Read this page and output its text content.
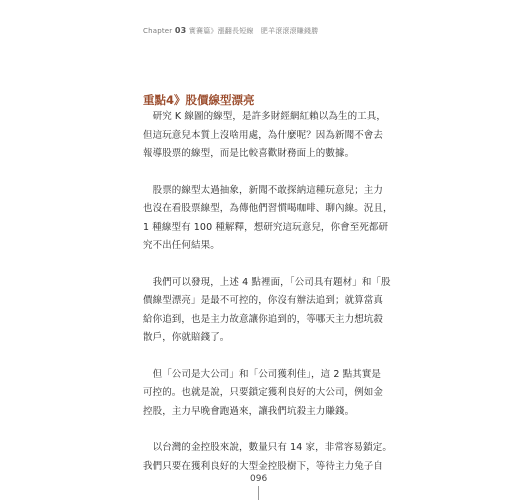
Chapter 03 實賽篇》漲翻長短線　肥羊滾滾滾賺錢勝
重點4》股價線型漂亮
　研究 K 線圖的線型，是許多財經網紅賴以為生的工具，
但這玩意兒本質上沒啥用處，為什麼呢？因為新聞不會去
報導股票的線型，而是比較喜歡財務面上的數據。
　股票的線型太過抽象，新聞不敢探納這種玩意兒；主力
也沒在看股票線型，為傳他們習慣喝咖啡、聊內線。況且，
1 種線型有 100 種解釋，想研究這玩意兒，你會至死都研
究不出任何結果。
　我們可以發現，上述 4 點裡面，「公司具有題材」和「股
價線型漂亮」是最不可控的，你沒有辦法追到；就算當真
給你追到，也是主力故意讓你追到的，等哪天主力想坑殺
散戶，你就賠錢了。
　但「公司是大公司」和「公司獲利佳」，這 2 點其實是
可控的。也就是說，只要鎖定獲利良好的大公司，例如金
控股，主力早晚會跑過來，讓我們坑殺主力賺錢。
　以台灣的金控股來說，數量只有 14 家，非常容易鎖定。
我們只要在獲利良好的大型金控股樹下，等待主力兔子自
096
